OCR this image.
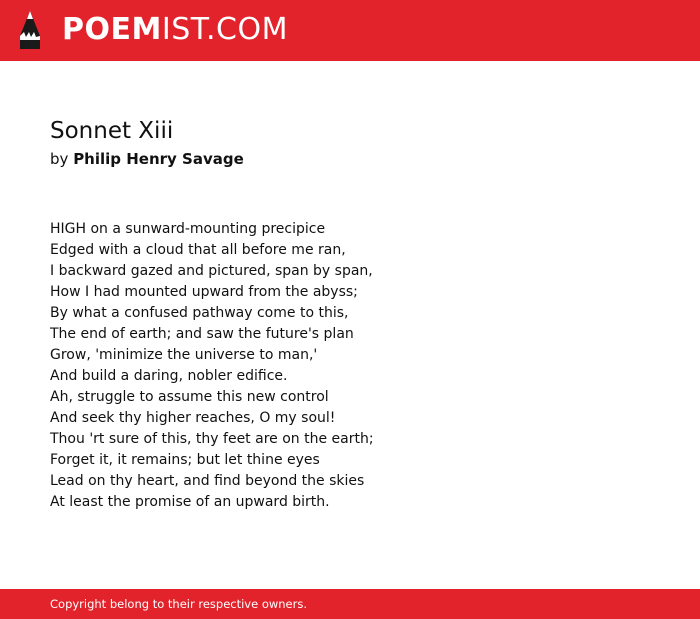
POEMIST.COM
Sonnet Xiii
by Philip Henry Savage
HIGH on a sunward-mounting precipice
Edged with a cloud that all before me ran,
I backward gazed and pictured, span by span,
How I had mounted upward from the abyss;
By what a confused pathway come to this,
The end of earth; and saw the future's plan
Grow, 'minimize the universe to man,'
And build a daring, nobler edifice.
Ah, struggle to assume this new control
And seek thy higher reaches, O my soul!
Thou 'rt sure of this, thy feet are on the earth;
Forget it, it remains; but let thine eyes
Lead on thy heart, and find beyond the skies
At least the promise of an upward birth.
Copyright belong to their respective owners.
